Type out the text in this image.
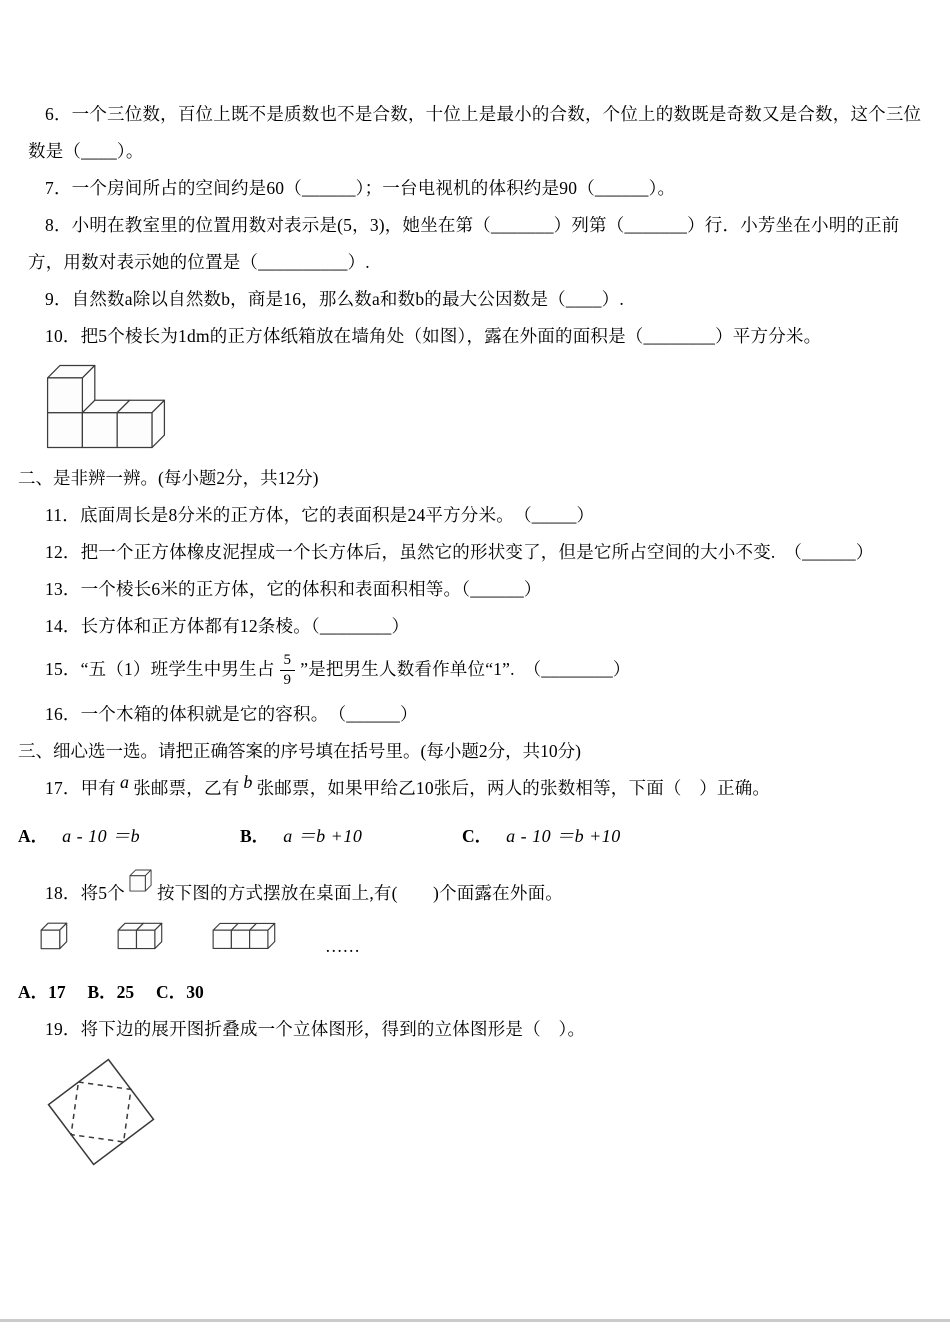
6．一个三位数，百位上既不是质数也不是合数，十位上是最小的合数，个位上的数既是奇数又是合数，这个三位数是（____）。

7．一个房间所占的空间约是60（______）；一台电视机的体积约是90（______）。

8．小明在教室里的位置用数对表示是(5，3)，她坐在第（_______）列第（_______）行．小芳坐在小明的正前方，用数对表示她的位置是（__________）.

9．自然数a除以自然数b，商是16，那么数a和数b的最大公因数是（____）.

10．把5个棱长为1dm的正方体纸箱放在墙角处（如图），露在外面的面积是（________）平方分米。

二、是非辨一辨。(每小题2分，共12分)

11．底面周长是8分米的正方体，它的表面积是24平方分米。　（_____）

12．把一个正方体橡皮泥捏成一个长方体后，虽然它的形状变了，但是它所占空间的大小不变.　（______）

13．一个棱长6米的正方体，它的体积和表面积相等。（______）

14．长方体和正方体都有12条棱。（________）

15．“五（1）班学生中男生占 $\frac{5}{9}$ ”是把男生人数看作单位“1”.　（________）

16．一个木箱的体积就是它的容积。　（______）

三、细心选一选。请把正确答案的序号填在括号里。(每小题2分，共10分)

17．甲有 a 张邮票，乙有 b 张邮票，如果甲给乙10张后，两人的张数相等，下面（　）正确。

A． a - 10 ＝b	B． a ＝b +10	C． a - 10 ＝b +10

18．将5个 按下图的方式摆放在桌面上,有(　　)个面露在外面。

……

A．17　 B．25　 C．30

19．将下边的展开图折叠成一个立体图形，得到的立体图形是（　）。
